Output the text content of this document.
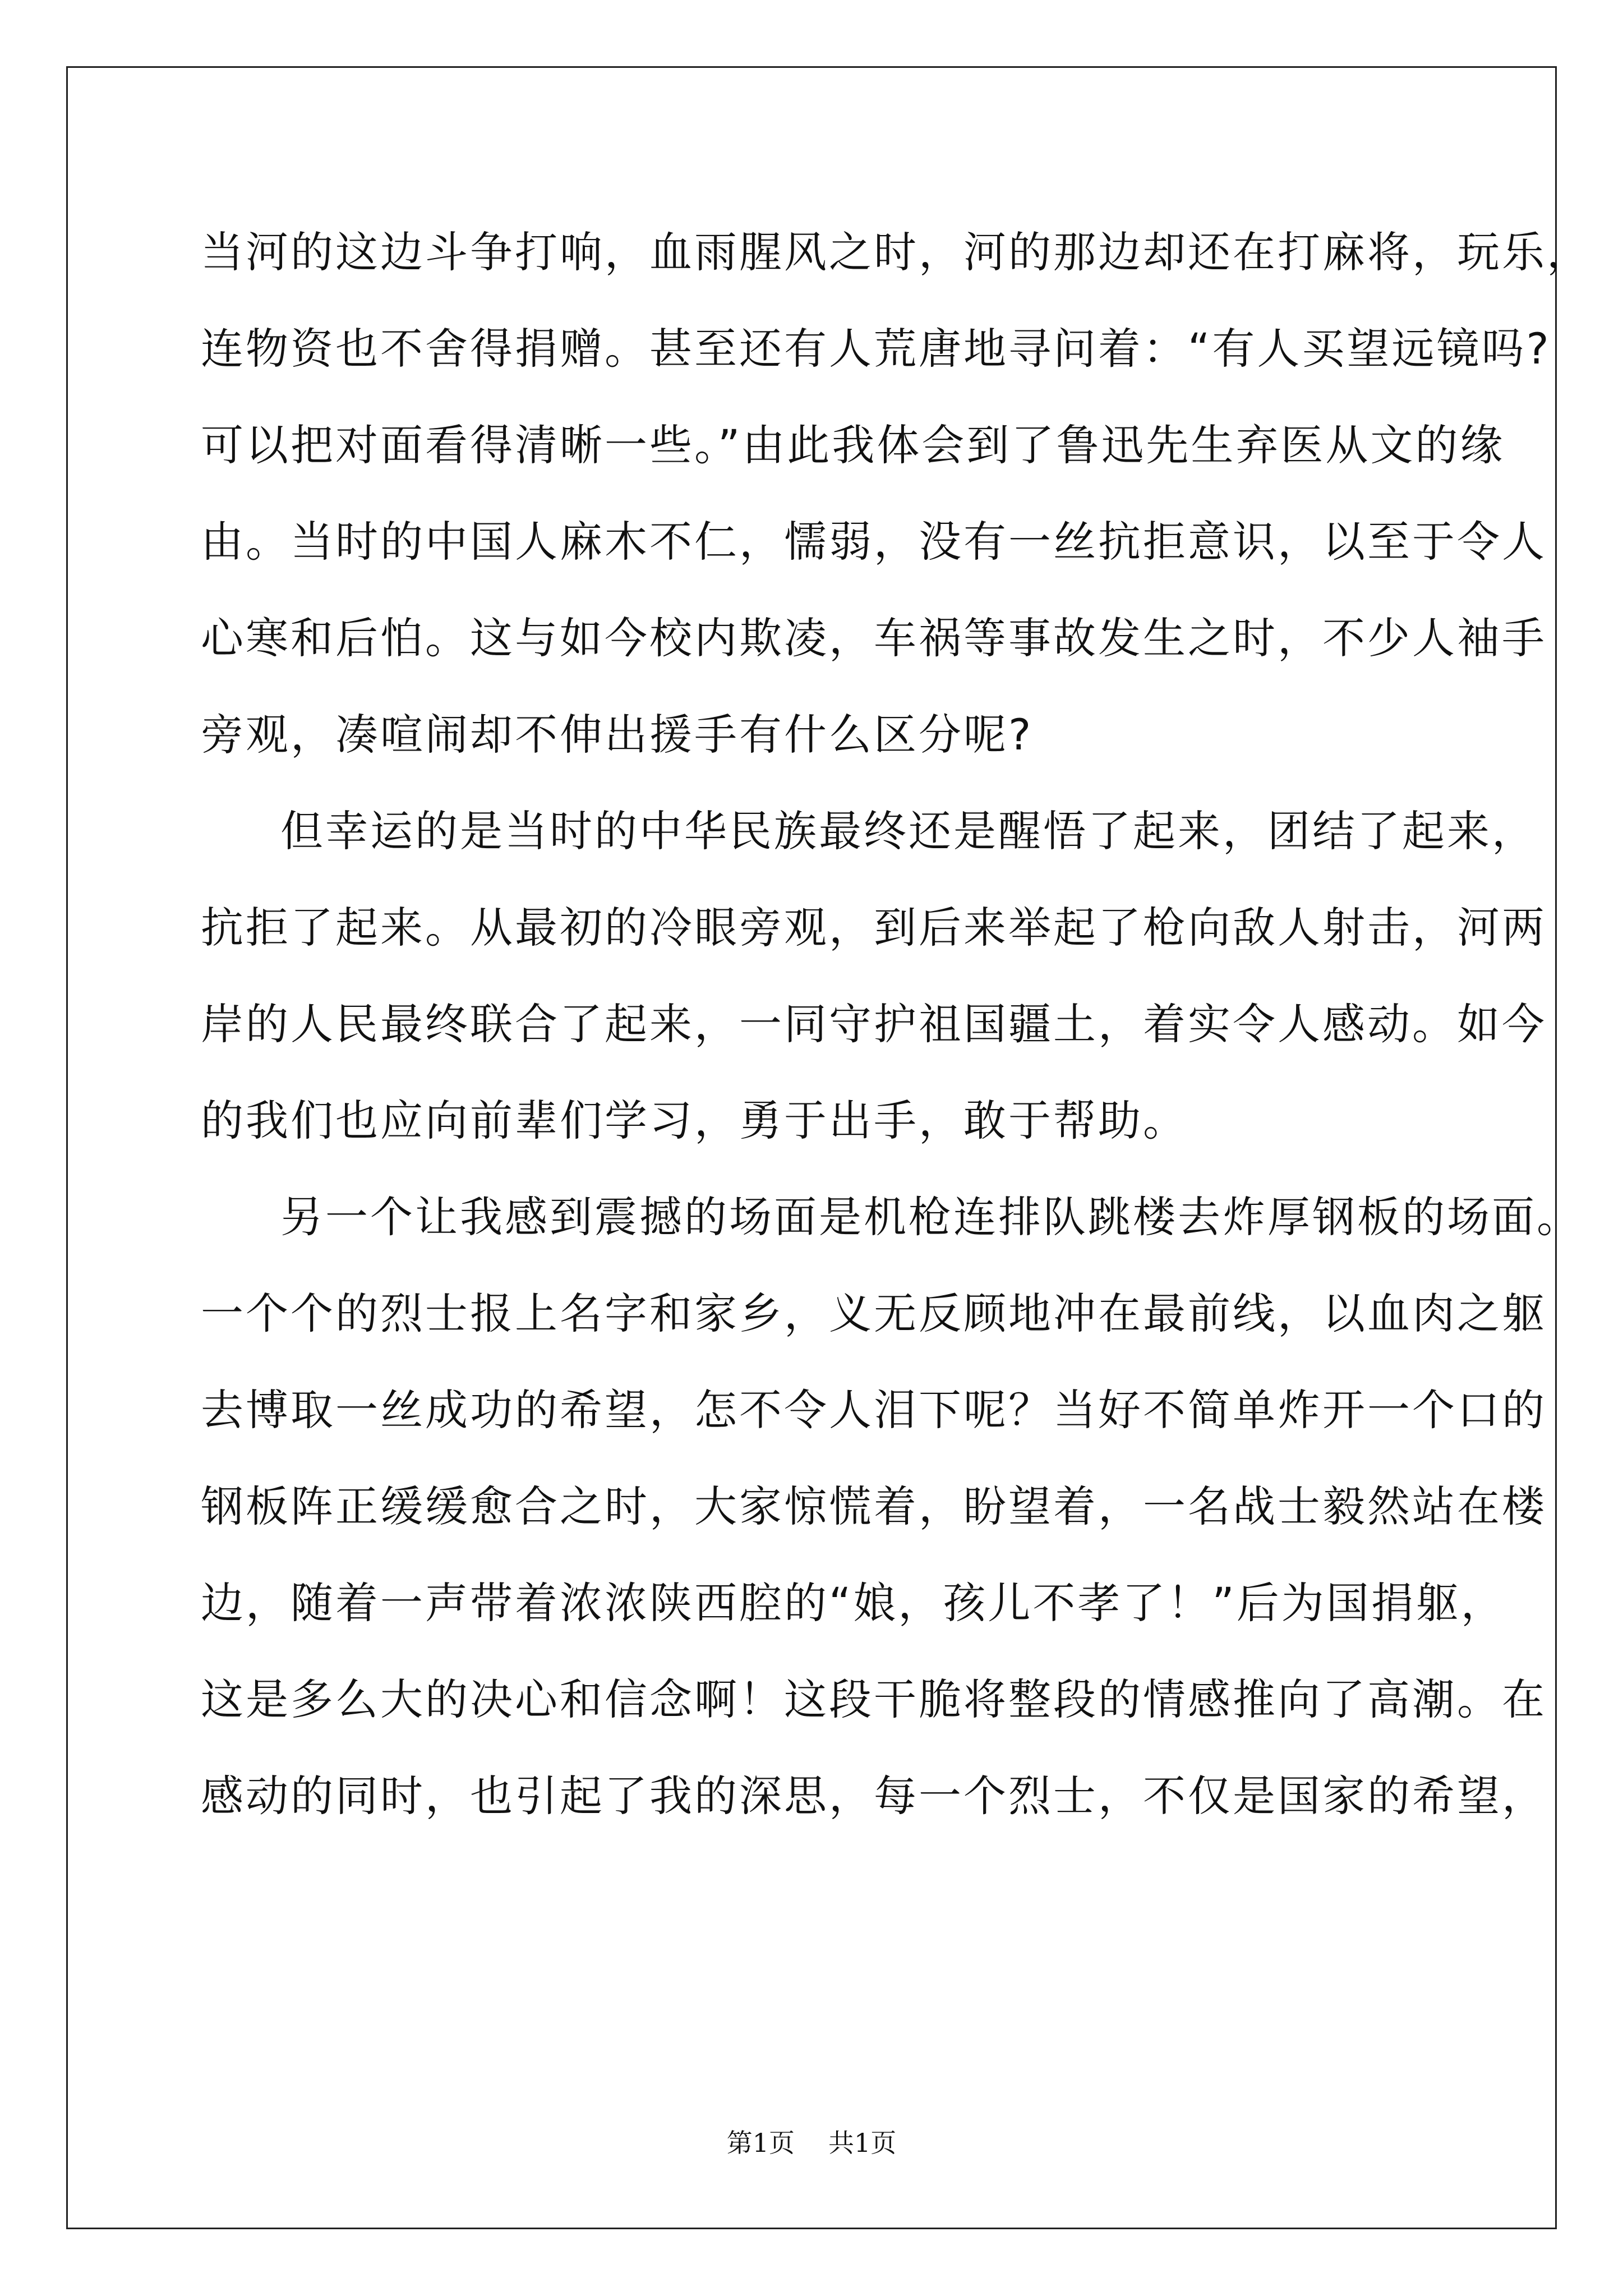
当河的这边斗争打响，血雨腥风之时，河的那边却还在打麻将，玩乐，
连物资也不舍得捐赠。甚至还有人荒唐地寻问着：“有人买望远镜吗?
可以把对面看得清晰一些。”由此我体会到了鲁迅先生弃医从文的缘
由。当时的中国人麻木不仁，懦弱，没有一丝抗拒意识，以至于令人
心寒和后怕。这与如今校内欺凌，车祸等事故发生之时，不少人袖手
旁观，凑喧闹却不伸出援手有什么区分呢?
但幸运的是当时的中华民族最终还是醒悟了起来，团结了起来，
抗拒了起来。从最初的冷眼旁观，到后来举起了枪向敌人射击，河两
岸的人民最终联合了起来，一同守护祖国疆土，着实令人感动。如今
的我们也应向前辈们学习，勇于出手，敢于帮助。
另一个让我感到震撼的场面是机枪连排队跳楼去炸厚钢板的场面。
一个个的烈士报上名字和家乡，义无反顾地冲在最前线，以血肉之躯
去博取一丝成功的希望，怎不令人泪下呢？当好不简单炸开一个口的
钢板阵正缓缓愈合之时，大家惊慌着，盼望着，一名战士毅然站在楼
边，随着一声带着浓浓陕西腔的“娘，孩儿不孝了！”后为国捐躯，
这是多么大的决心和信念啊！这段干脆将整段的情感推向了高潮。在
感动的同时，也引起了我的深思，每一个烈士，不仅是国家的希望，
第1页 共1页
